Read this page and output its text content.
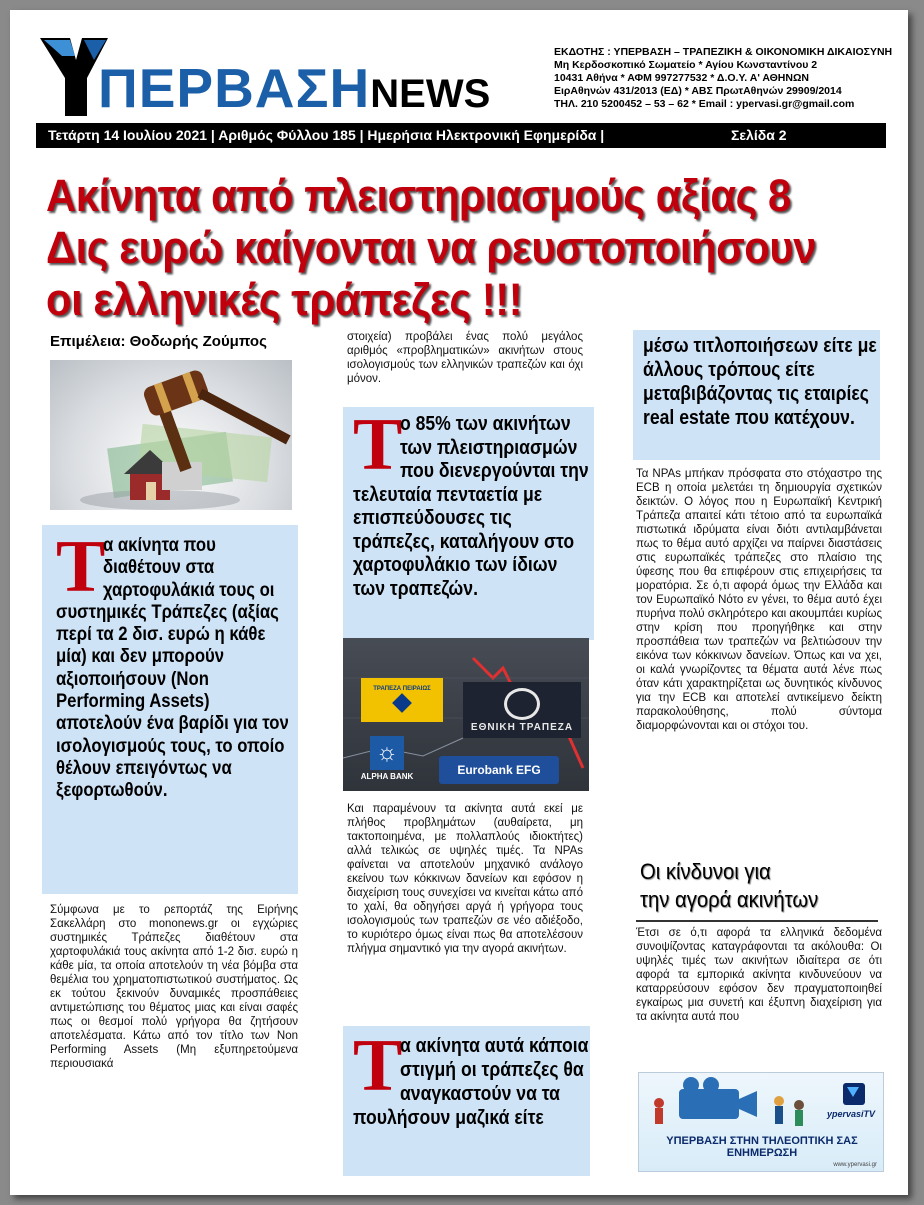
ΠΕΡΒΑΣΗNEWS
ΕΚΔΟΤΗΣ : ΥΠΕΡΒΑΣΗ – ΤΡΑΠΕΖΙΚΗ & ΟΙΚΟΝΟΜΙΚΗ ΔΙΚΑΙΟΣΥΝΗ
Μη Κερδοσκοπικό Σωματείο * Αγίου Κωνσταντίνου 2
10431 Αθήνα * ΑΦΜ 997277532 * Δ.Ο.Υ. Α' ΑΘΗΝΩΝ
ΕιρΑθηνών 431/2013 (ΕΔ) * ΑΒΣ ΠρωτΑθηνών 29909/2014
ΤΗΛ. 210 5200452 – 53 – 62 * Email : ypervasi.gr@gmail.com
Τετάρτη 14 Ιουλίου 2021 | Αριθμός Φύλλου 185 | Ημερήσια Ηλεκτρονική Εφημερίδα |	Σελίδα 2
Ακίνητα από πλειστηριασμούς αξίας 8
Δις ευρώ καίγονται να ρευστοποιήσουν
οι ελληνικές τράπεζες !!!
Επιμέλεια: Θοδωρής Ζούμπος
Τ
α ακίνητα που διαθέτουν στα χαρτοφυλάκιά τους οι συστημικές Τράπεζες (αξίας περί τα 2 δισ. ευρώ η κάθε μία) και δεν μπορούν αξιοποιήσουν (Non Performing Assets) αποτελούν ένα βαρίδι για τον ισολογισμούς τους, το οποίο θέλουν επειγόντως να ξεφορτωθούν.
Σύμφωνα με το ρεπορτάζ της Ειρήνης Σακελλάρη στο mononews.gr οι εγχώριες συστημικές Τράπεζες διαθέτουν στα χαρτοφυλάκιά τους ακίνητα από 1-2 δισ. ευρώ η κάθε μία, τα οποία αποτελούν τη νέα βόμβα στα θεμέλια του χρηματοπιστωτικού συστήματος. Ως εκ τούτου ξεκινούν δυναμικές προσπάθειες αντιμετώπισης του θέματος μιας και είναι σαφές πως οι θεσμοί πολύ γρήγορα θα ζητήσουν αποτελέσματα. Κάτω από τον τίτλο των Non Performing Assets (Μη εξυπηρετούμενα περιουσιακά
στοιχεία) προβάλει ένας πολύ μεγάλος αριθμός «προβληματικών» ακινήτων στους ισολογισμούς των ελληνικών τραπεζών και όχι μόνον.
Τ
ο 85% των ακινήτων των πλειστηριασμών που διενεργούνται την τελευταία πενταετία με επισπεύδουσες τις τράπεζες, καταλήγουν στο χαρτοφυλάκιο των ίδιων των τραπεζών.
ΤΡΑΠΕΖΑ ΠΕΙΡΑΙΩΣ
ΕΘΝΙΚΗ ΤΡΑΠΕΖΑ
☼
ALPHA BANK	Eurobank EFG
Και παραμένουν τα ακίνητα αυτά εκεί με πλήθος προβλημάτων (αυθαίρετα, μη τακτοποιημένα, με πολλαπλούς ιδιοκτήτες) αλλά τελικώς σε υψηλές τιμές. Τα NPAs φαίνεται να αποτελούν μηχανικό ανάλογο εκείνου των κόκκινων δανείων και εφόσον η διαχείριση τους συνεχίσει να κινείται κάτω από το χαλί, θα οδηγήσει αργά ή γρήγορα τους ισολογισμούς των τραπεζών σε νέο αδιέξοδο, το κυριότερο όμως είναι πως θα αποτελέσουν πλήγμα σημαντικό για την αγορά ακινήτων.
Τ
α ακίνητα αυτά κάποια στιγμή οι τράπεζες θα αναγκαστούν να τα πουλήσουν μαζικά είτε
μέσω τιτλοποιήσεων είτε με άλλους τρόπους είτε μεταβιβάζοντας τις εταιρίες real estate που κατέχουν.
Τα NPAs μπήκαν πρόσφατα στο στόχαστρο της ECB η οποία μελετάει τη δημιουργία σχετικών δεικτών. Ο λόγος που η Ευρωπαϊκή Κεντρική Τράπεζα απαιτεί κάτι τέτοιο από τα ευρωπαϊκά πιστωτικά ιδρύματα είναι διότι αντιλαμβάνεται πως το θέμα αυτό αρχίζει να παίρνει διαστάσεις στις ευρωπαϊκές τράπεζες στο πλαίσιο της ύφεσης που θα επιφέρουν στις επιχειρήσεις τα μορατόρια. Σε ό,τι αφορά όμως την Ελλάδα και τον Ευρωπαϊκό Νότο εν γένει, το θέμα αυτό έχει πυρήνα πολύ σκληρότερο και ακουμπάει κυρίως στην κρίση που προηγήθηκε και στην προσπάθεια των τραπεζών να βελτιώσουν την εικόνα των κόκκινων δανείων. Όπως και να χει, οι καλά γνωρίζοντες τα θέματα αυτά λένε πως όταν κάτι χαρακτηρίζεται ως δυνητικός κίνδυνος για την ECB και αποτελεί αντικείμενο δείκτη παρακολούθησης, πολύ σύντομα διαμορφώνονται και οι στόχοι του.
Οι κίνδυνοι για
την αγορά ακινήτων
Έτσι σε ό,τι αφορά τα ελληνικά δεδομένα συνοψίζοντας καταγράφονται τα ακόλουθα: Οι υψηλές τιμές των ακινήτων ιδιαίτερα σε ότι αφορά τα εμπορικά ακίνητα κινδυνεύουν να καταρρεύσουν εφόσον δεν πραγματοποιηθεί εγκαίρως μια συνετή και έξυπνη διαχείριση για τα ακίνητα αυτά που
ypervasiTV
ΥΠΕΡΒΑΣΗ ΣΤΗΝ ΤΗΛΕΟΠΤΙΚΗ ΣΑΣ ΕΝΗΜΕΡΩΣΗ
www.ypervasi.gr
